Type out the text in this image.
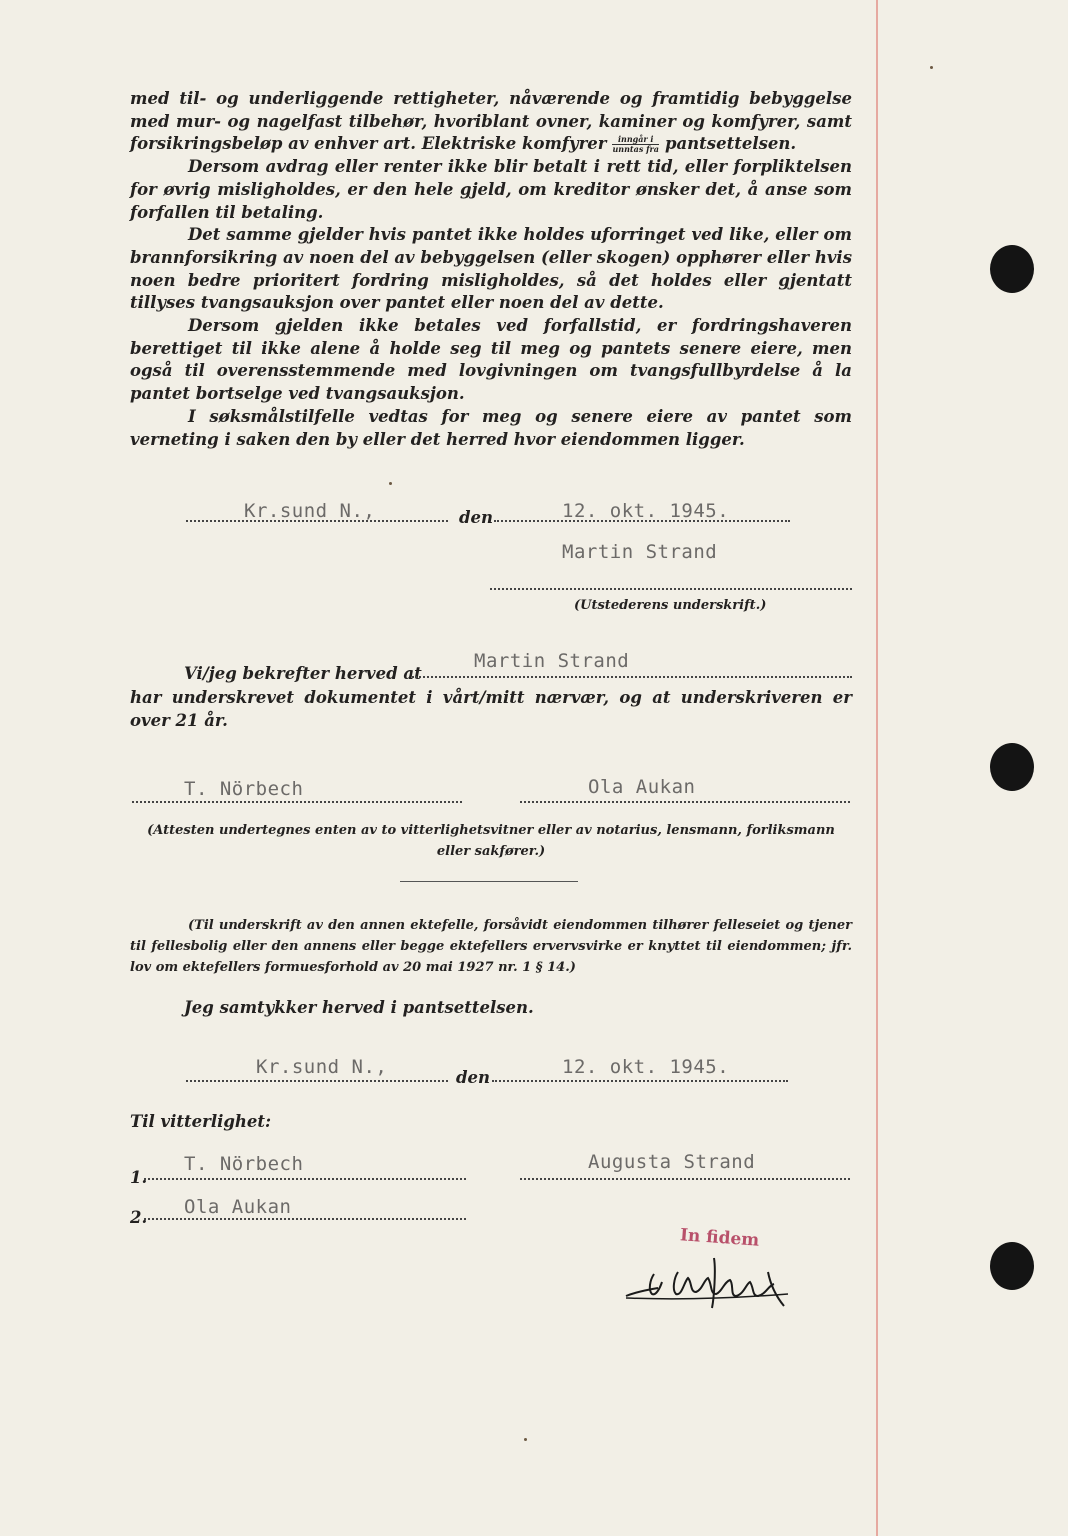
med til- og underliggende rettigheter, nåværende og framtidig bebyggelse med mur- og nagelfast tilbehør, hvoriblant ovner, kaminer og komfyrer, samt forsikringsbeløp av enhver art. Elektriske komfyrer $\frac{\text{inngår i}}{\text{unntas fra}}$ pantsettelsen.

Dersom avdrag eller renter ikke blir betalt i rett tid, eller forpliktelsen for øvrig misligholdes, er den hele gjeld, om kreditor ønsker det, å anse som forfallen til betaling.

Det samme gjelder hvis pantet ikke holdes uforringet ved like, eller om brannforsikring av noen del av bebyggelsen (eller skogen) opphører eller hvis noen bedre prioritert fordring misligholdes, så det holdes eller gjentatt tillyses tvangsauksjon over pantet eller noen del av dette.

Dersom gjelden ikke betales ved forfallstid, er fordringshaveren berettiget til ikke alene å holde seg til meg og pantets senere eiere, men også til overensstemmende med lovgivningen om tvangsfullbyrdelse å la pantet bortselge ved tvangsauksjon.

I søksmålstilfelle vedtas for meg og senere eiere av pantet som verneting i saken den by eller det herred hvor eiendommen ligger.

Kr.sund N.,	den	12. okt. 1945.
Martin Strand
(Utstederens underskrift.)
Vi/jeg bekrefter herved at
Martin Strand
har underskrevet dokumentet i vårt/mitt nærvær, og at underskriveren er over 21 år.
T. Nörbech	Ola Aukan
(Attesten undertegnes enten av to vitterlighetsvitner eller av notarius, lensmann, forliksmann eller sakfører.)
(Til underskrift av den annen ektefelle, forsåvidt eiendommen tilhører felleseiet og tjener til fellesbolig eller den annens eller begge ektefellers ervervsvirke er knyttet til eiendommen; jfr. lov om ektefellers formuesforhold av 20 mai 1927 nr. 1 § 14.)
Jeg samtykker herved i pantsettelsen.
Kr.sund N.,	den	12. okt. 1945.
Til vitterlighet:
1.
T. Nörbech	Augusta Strand
2. Ola Aukan
In fidem
